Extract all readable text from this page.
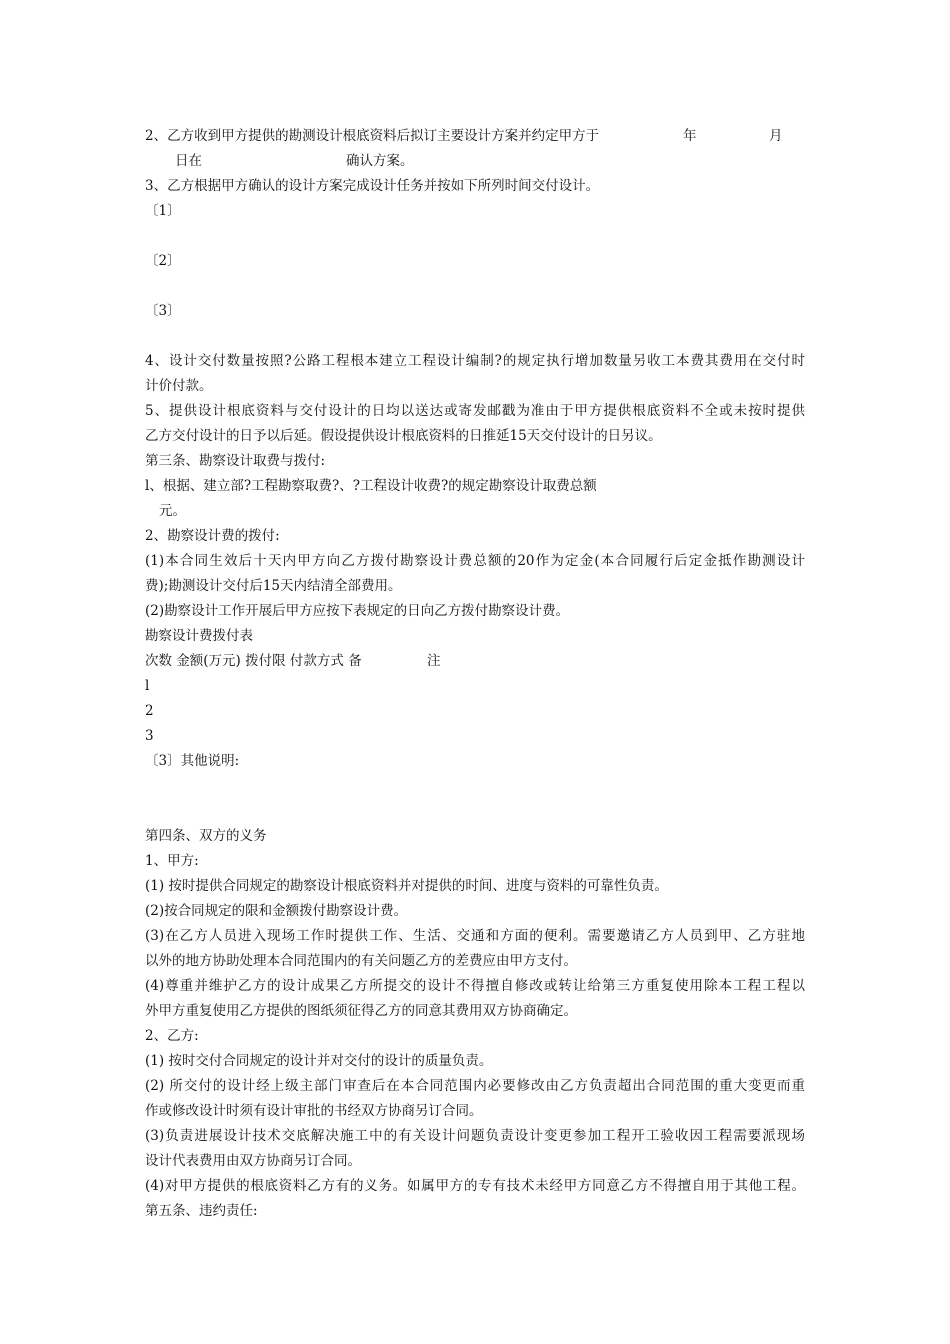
2、乙方收到甲方提供的勘测设计根底资料后拟订主要设计方案并约定甲方于	年	月
日在	确认方案。
3、乙方根据甲方确认的设计方案完成设计任务并按如下所列时间交付设计。
〔1〕
〔2〕
〔3〕
4、设计交付数量按照?公路工程根本建立工程设计编制?的规定执行增加数量另收工本费其费用在交付时
计价付款。
5、提供设计根底资料与交付设计的日均以送达或寄发邮戳为准由于甲方提供根底资料不全或未按时提供
乙方交付设计的日予以后延。假设提供设计根底资料的日推延15天交付设计的日另议。
第三条、勘察设计取费与拨付:
l、根据、建立部?工程勘察取费?、?工程设计收费?的规定勘察设计取费总额
元。
2、勘察设计费的拨付:
(1)本合同生效后十天内甲方向乙方拨付勘察设计费总额的20作为定金(本合同履行后定金抵作勘测设计
费);勘测设计交付后15天内结清全部费用。
(2)勘察设计工作开展后甲方应按下表规定的日向乙方拨付勘察设计费。
勘察设计费拨付表
次数 金额(万元) 拨付限 付款方式 备	注
l
2
3
〔3〕其他说明:
第四条、双方的义务
1、甲方:
(1) 按时提供合同规定的勘察设计根底资料并对提供的时间、进度与资料的可靠性负责。
(2)按合同规定的限和金额拨付勘察设计费。
(3)在乙方人员进入现场工作时提供工作、生活、交通和方面的便利。需要邀请乙方人员到甲、乙方驻地
以外的地方协助处理本合同范围内的有关问题乙方的差费应由甲方支付。
(4)尊重并维护乙方的设计成果乙方所提交的设计不得擅自修改或转让给第三方重复使用除本工程工程以
外甲方重复使用乙方提供的图纸须征得乙方的同意其费用双方协商确定。
2、乙方:
(1) 按时交付合同规定的设计并对交付的设计的质量负责。
(2) 所交付的设计经上级主部门审查后在本合同范围内必要修改由乙方负责超出合同范围的重大变更而重
作或修改设计时须有设计审批的书经双方协商另订合同。
(3)负责进展设计技术交底解决施工中的有关设计问题负责设计变更参加工程开工验收因工程需要派现场
设计代表费用由双方协商另订合同。
(4)对甲方提供的根底资料乙方有的义务。如属甲方的专有技术未经甲方同意乙方不得擅自用于其他工程。
第五条、违约责任:
